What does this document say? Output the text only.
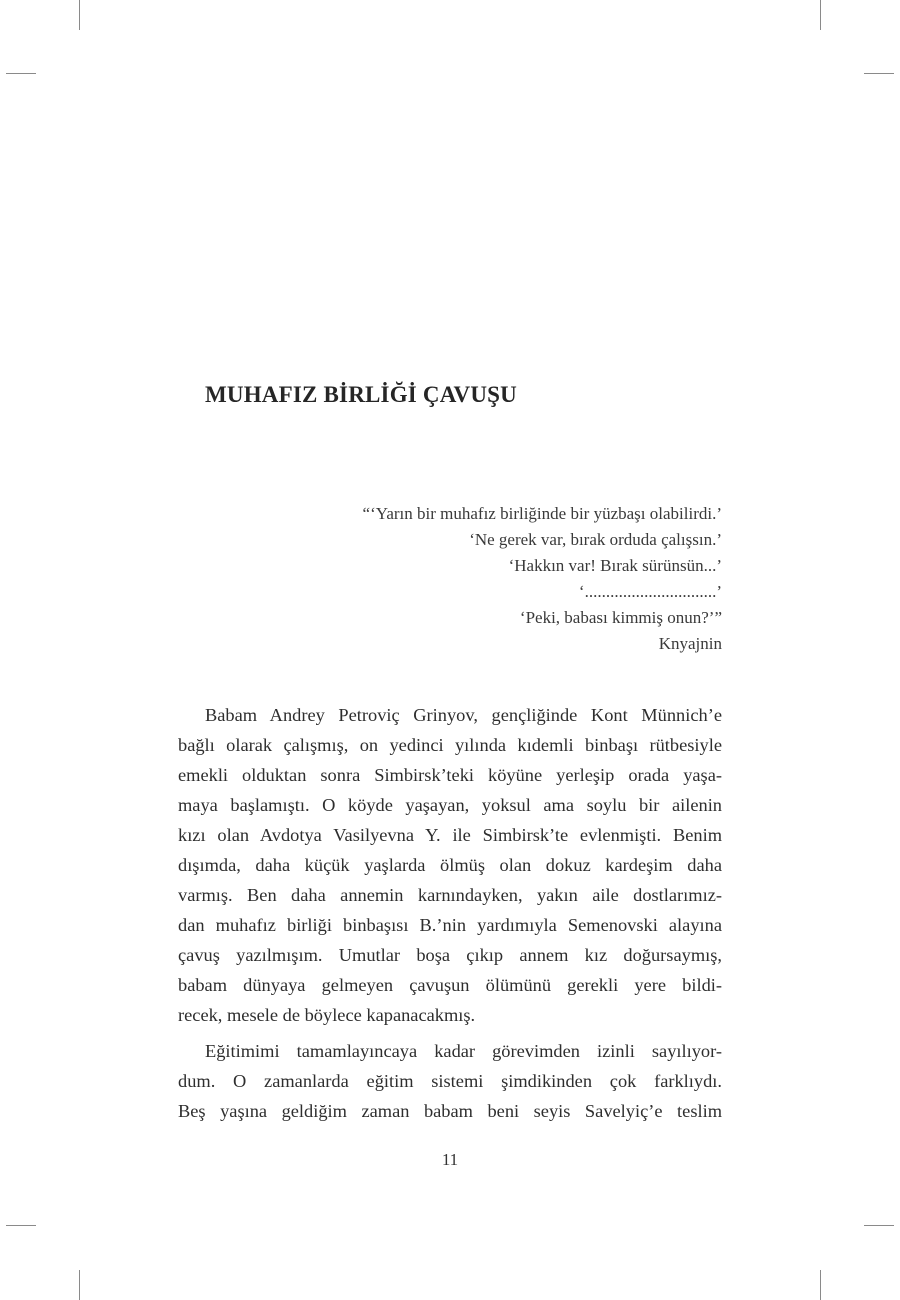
MUHAFIZ BİRLİĞİ ÇAVUŞU
“‘Yarın bir muhafız birliğinde bir yüzbaşı olabilirdi.’
‘Ne gerek var, bırak orduda çalışsın.’
‘Hakkın var! Bırak sürünsün...’
‘...............................’
‘Peki, babası kimmiş onun?’”
Knyajnin
Babam Andrey Petroviç Grinyov, gençliğinde Kont Münnich’e
bağlı olarak çalışmış, on yedinci yılında kıdemli binbaşı rütbesiyle
emekli olduktan sonra Simbirsk’teki köyüne yerleşip orada yaşa-
maya başlamıştı. O köyde yaşayan, yoksul ama soylu bir ailenin
kızı olan Avdotya Vasilyevna Y. ile Simbirsk’te evlenmişti. Benim
dışımda, daha küçük yaşlarda ölmüş olan dokuz kardeşim daha
varmış. Ben daha annemin karnındayken, yakın aile dostlarımız-
dan muhafız birliği binbaşısı B.’nin yardımıyla Semenovski alayına
çavuş yazılmışım. Umutlar boşa çıkıp annem kız doğursaymış,
babam dünyaya gelmeyen çavuşun ölümünü gerekli yere bildi-
recek, mesele de böylece kapanacakmış.
Eğitimimi tamamlayıncaya kadar görevimden izinli sayılıyor-
dum. O zamanlarda eğitim sistemi şimdikinden çok farklıydı.
Beş yaşına geldiğim zaman babam beni seyis Savelyiç’e teslim
11
